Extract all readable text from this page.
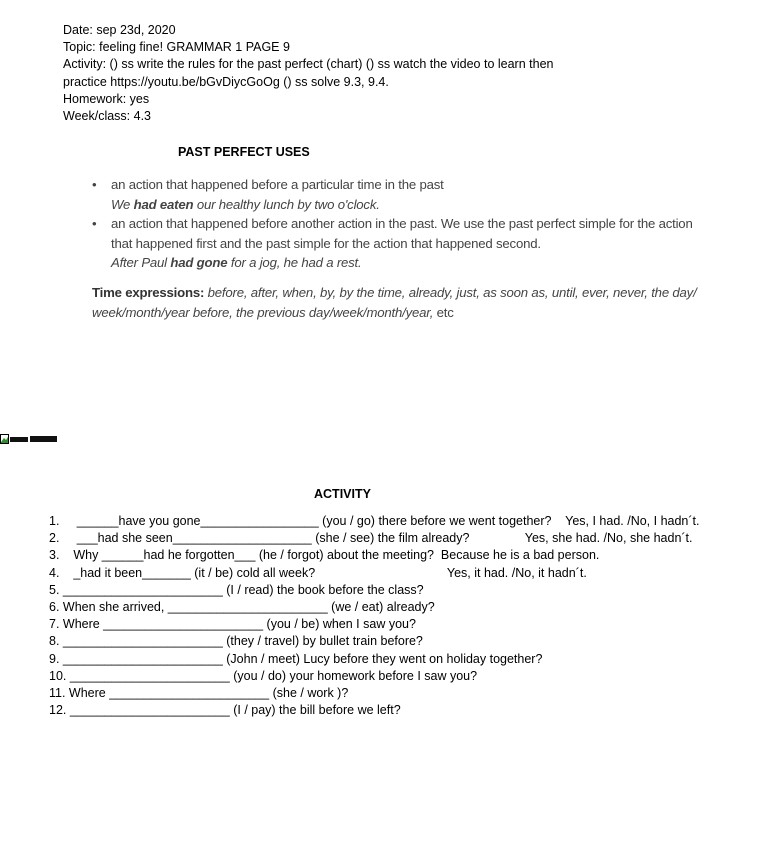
Date: sep 23d, 2020
Topic: feeling fine! GRAMMAR 1 PAGE 9
Activity: () ss write the rules for the past perfect (chart) () ss watch the video to learn then
practice https://youtu.be/bGvDiycGoOg () ss solve 9.3, 9.4.
Homework: yes
Week/class: 4.3
PAST PERFECT USES
• an action that happened before a particular time in the past
We had eaten our healthy lunch by two o'clock.
• an action that happened before another action in the past. We use the past perfect simple for the action that happened first and the past simple for the action that happened second.
After Paul had gone for a jog, he had a rest.
Time expressions: before, after, when, by, by the time, already, just, as soon as, until, ever, never, the day/ week/month/year before, the previous day/week/month/year, etc
ACTIVITY
1.     ______have you gone_________________ (you / go) there before we went together?    Yes, I had. /No, I hadn´t.
2.     ___had she seen____________________ (she / see) the film already?                Yes, she had. /No, she hadn´t.
3.    Why ______had he forgotten___ (he / forgot) about the meeting?  Because he is a bad person.
4.    _had it been_______ (it / be) cold all week?                                      Yes, it had. /No, it hadn´t.
5. _______________________ (I / read) the book before the class?
6. When she arrived, _______________________ (we / eat) already?
7. Where _______________________ (you / be) when I saw you?
8. _______________________ (they / travel) by bullet train before?
9. _______________________ (John / meet) Lucy before they went on holiday together?
10. _______________________ (you / do) your homework before I saw you?
11. Where _______________________ (she / work )?
12. _______________________ (I / pay) the bill before we left?
